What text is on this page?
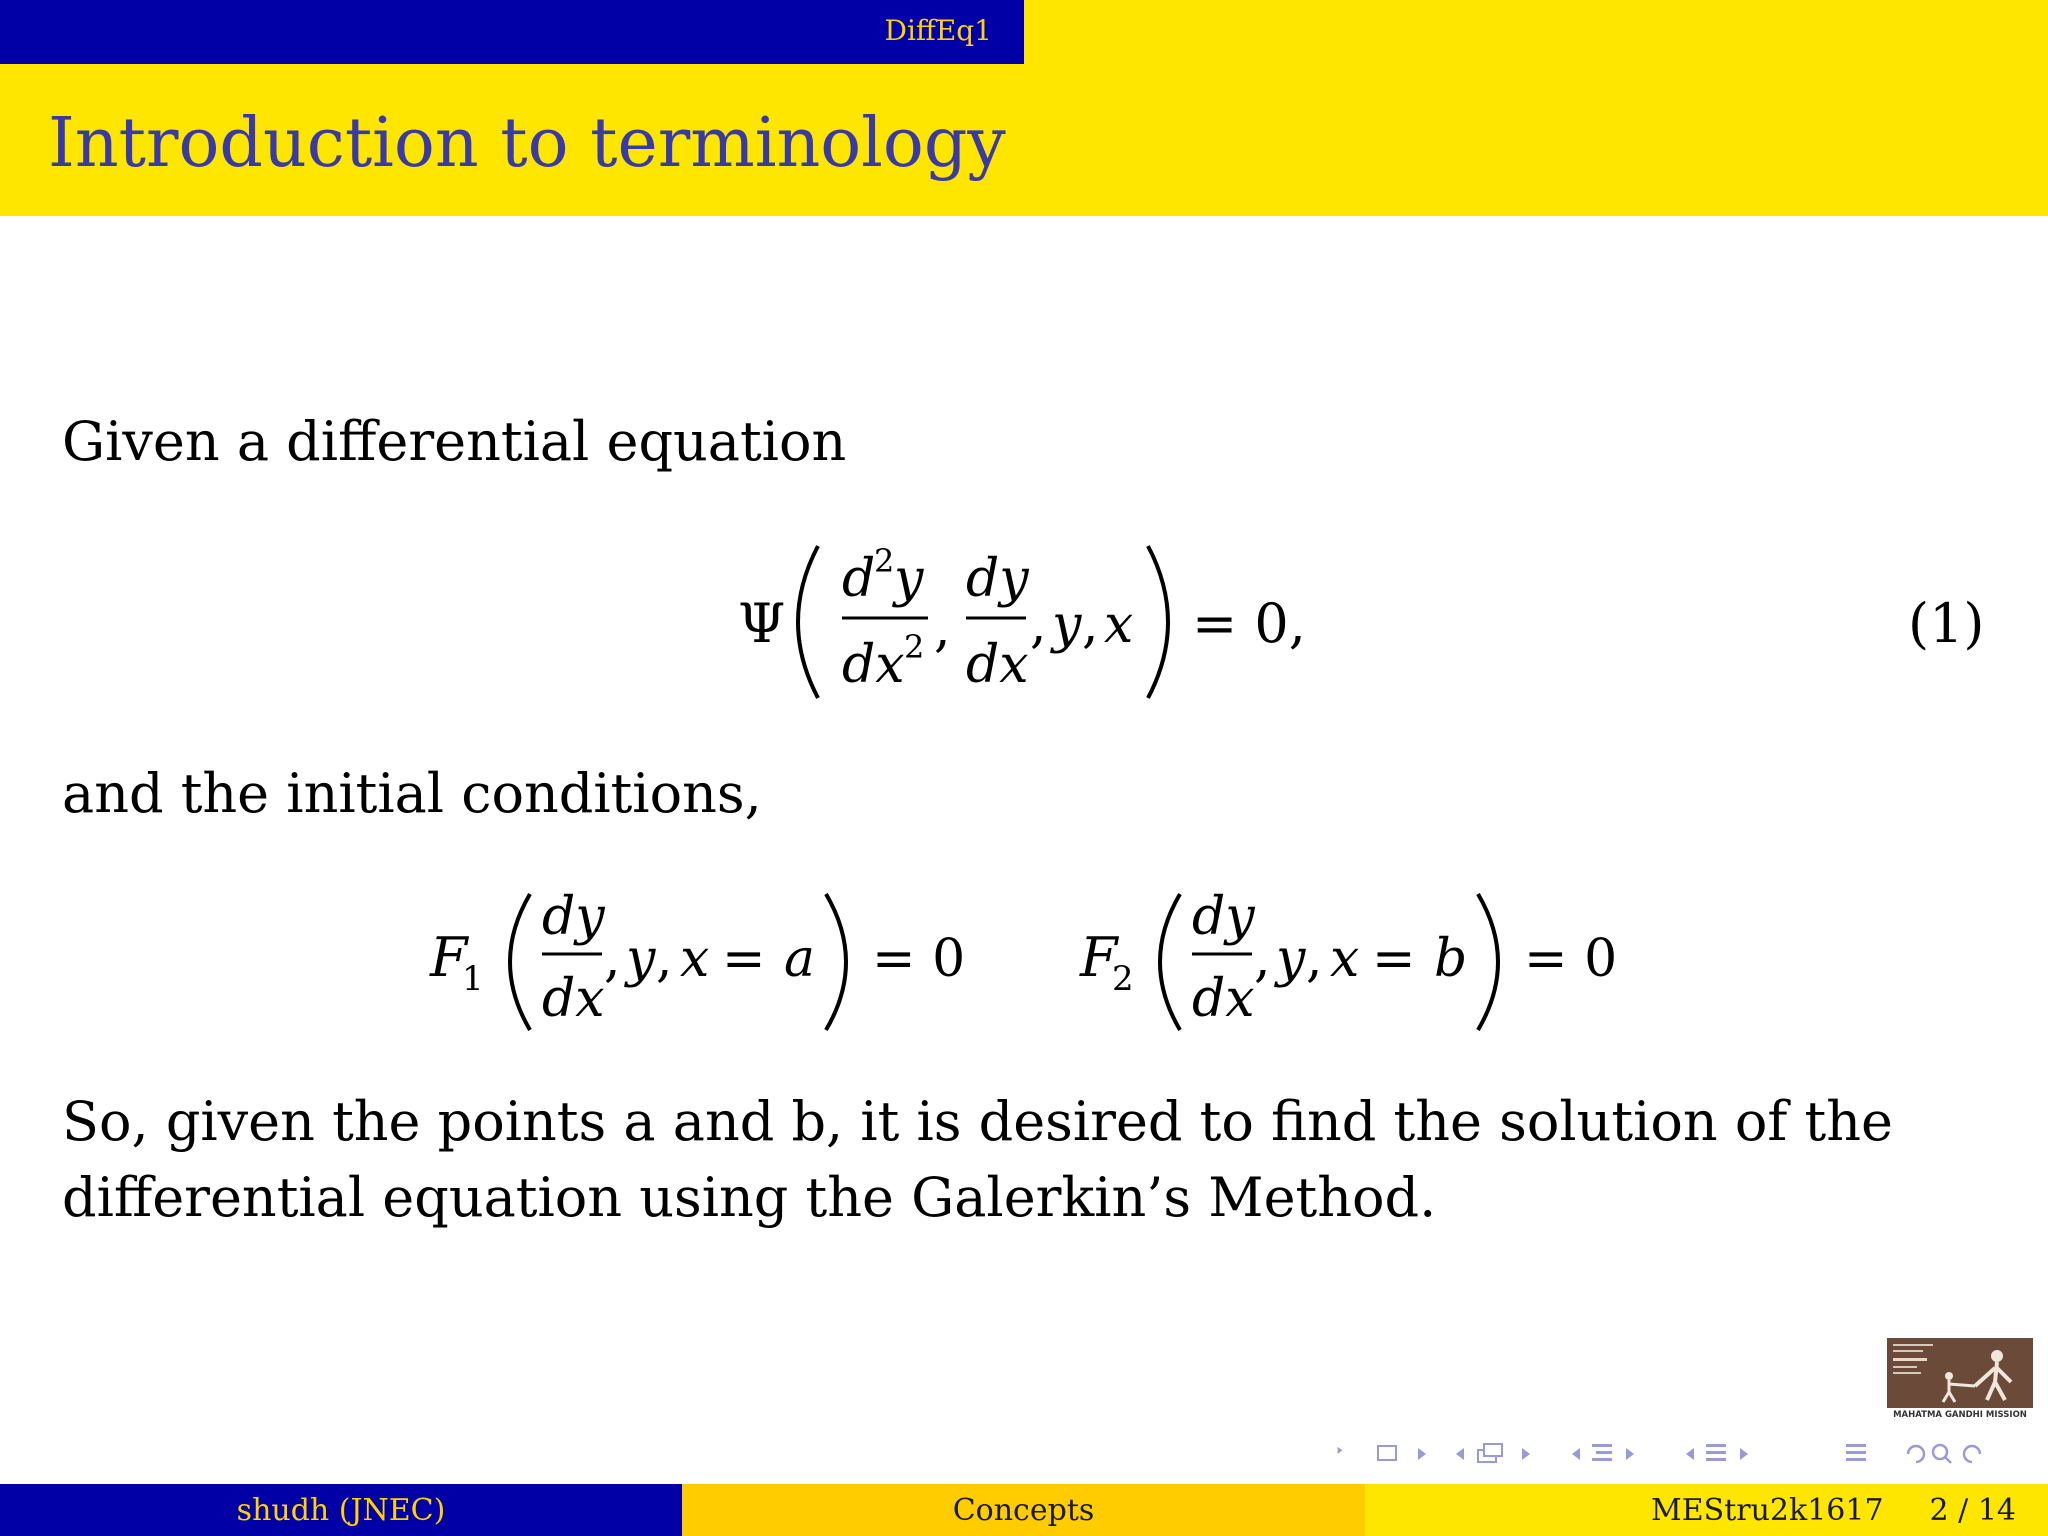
DiffEq1
Introduction to terminology

Given a differential equation

Ψ
d
2 y
dx 2 ,
dy
dx
, y , x = 0,	(1)

and the initial conditions,

F
1
dy
dx
, y , x = a = 0 F
2
dy
dx
, y , x = b = 0

So, given the points a and b, it is desired to find the solution of the differential equation using the Galerkin’s Method.

MAHATMA GANDHI MISSION
shudh (JNEC)	Concepts	MEStru2k1617 2 / 14
